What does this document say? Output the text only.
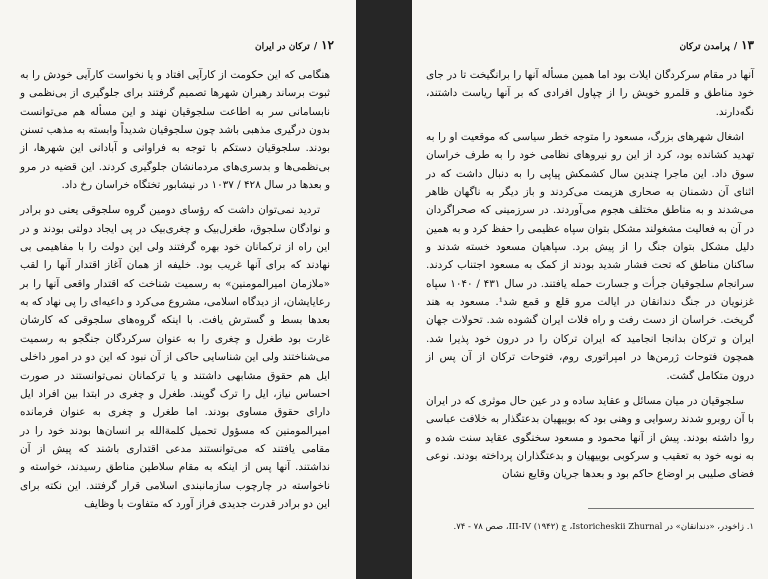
۱۲/ترکان در ایران

هنگامی که این حکومت از کارآیی افتاد و یا نخواست کارآیی خودش را به ثبوت برساند رهبران شهرها تصمیم گرفتند برای جلوگیری از بی‌نظمی و نابسامانی سر به اطاعت سلجوقیان نهند و این مسأله هم می‌توانست بدون درگیری مذهبی باشد چون سلجوقیان شدیداً وابسته به مذهب تسنن بودند. سلجوقیان دستکم با توجه به فراوانی و آبادانی این شهرها، از بی‌نظمی‌ها و بدسری‌های مردمانشان جلوگیری کردند. این قضیه در مرو و بعدها در سال ۴۲۸ / ۱۰۳۷ در نیشابور تختگاه خراسان رخ داد.

تردید نمی‌توان داشت که رؤسای دومین گروه سلجوقی یعنی دو برادر و نوادگان سلجوق، طغرل‌بیک و چغری‌بیک در پی ایجاد دولتی بودند و در این راه از ترکمانان خود بهره گرفتند ولی این دولت را با مفاهیمی بی نهادند که برای آنها غریب بود. خلیفه از همان آغاز اقتدار آنها را لقب «ملازمان امیرالمومنین» به رسمیت شناخت که اقتدار واقعی آنها را بر رعایایشان، از دیدگاه اسلامی، مشروع می‌کرد و داعیه‌ای را پی نهاد که به بعدها بسط و گسترش یافت. با اینکه گروه‌های سلجوقی که کارشان غارت بود طغرل و چغری را به عنوان سرکردگان جنگجو به رسمیت می‌شناختند ولی این شناسایی حاکی از آن نبود که این دو در امور داخلی ایل هم حقوق مشابهی داشتند و یا ترکمانان نمی‌توانستند در صورت احساس نیاز، ایل را ترک گویند. طغرل و چغری در ابتدا بین افراد ایل دارای حقوق مساوی بودند. اما طغرل و چغری به عنوان فرمانده امیرالمومنین که مسؤول تحمیل کلمةالله بر انسان‌ها بودند خود را در مقامی یافتند که می‌توانستند مدعی اقتداری باشند که پیش از آن نداشتند. آنها پس از اینکه به مقام سلاطین مناطق رسیدند، خواسته و ناخواسته در چارچوب سازمانبندی اسلامی قرار گرفتند. این نکته برای این دو برادر قدرت جدیدی فراز آورد که متفاوت با وظایف

۱۳/پرامدن ترکان

آنها در مقام سرکردگان ایلات بود اما همین مسأله آنها را برانگیخت تا در جای خود مناطق و قلمرو خویش را از چپاول افرادی که بر آنها ریاست داشتند، نگه‌دارند.

اشغال شهرهای بزرگ، مسعود را متوجه خطر سیاسی که موقعیت او را به تهدید کشانده بود، کرد از این رو نیروهای نظامی خود را به طرف خراسان سوق داد. این ماجرا چندین سال کشمکش پیاپی را به دنبال داشت که در اثنای آن دشمنان به صحاری هزیمت می‌کردند و باز دیگر به ناگهان ظاهر می‌شدند و به مناطق مختلف هجوم می‌آوردند. در سرزمینی که صحراگردان در آن به فعالیت مشغولند مشکل بتوان سپاه عظیمی را حفظ کرد و به همین دلیل مشکل بتوان جنگ را از پیش برد. سپاهیان مسعود خسته شدند و ساکنان مناطق که تحت فشار شدید بودند از کمک به مسعود اجتناب کردند. سرانجام سلجوقیان جرأت و جسارت حمله یافتند. در سال ۴۳۱ / ۱۰۴۰ سپاه غزنویان در جنگ دندانقان در ایالت مرو قلع و قمع شد¹. مسعود به هند گریخت. خراسان از دست رفت و راه فلات ایران گشوده شد. تحولات جهان ایران و ترکان بدانجا انجامید که ایران ترکان را در درون خود پذیرا شد. همچون فتوحات ژرمن‌ها در امپراتوری روم، فتوحات ترکان از آن پس از درون متکامل گشت.

سلجوقیان در میان مسائل و عقاید ساده و در عین حال موثری که در ایران با آن روبرو شدند رسوایی و وهنی بود که بوییهیان بدعتگذار به خلافت عباسی روا داشته بودند. پیش از آنها محمود و مسعود سخنگوی عقاید سنت شده و به نوبه خود به تعقیب و سرکوبی بوییهیان و بدعتگذاران پرداخته بودند. نوعی فضای صلیبی‌ بر اوضاع حاکم بود و بعدها جریان وقایع نشان

۱. زاخودر، «دندانقان» در Istoricheskii Zhurnal، ج III-IV (۱۹۴۲)، صص ۷۸ - ۷۴.
